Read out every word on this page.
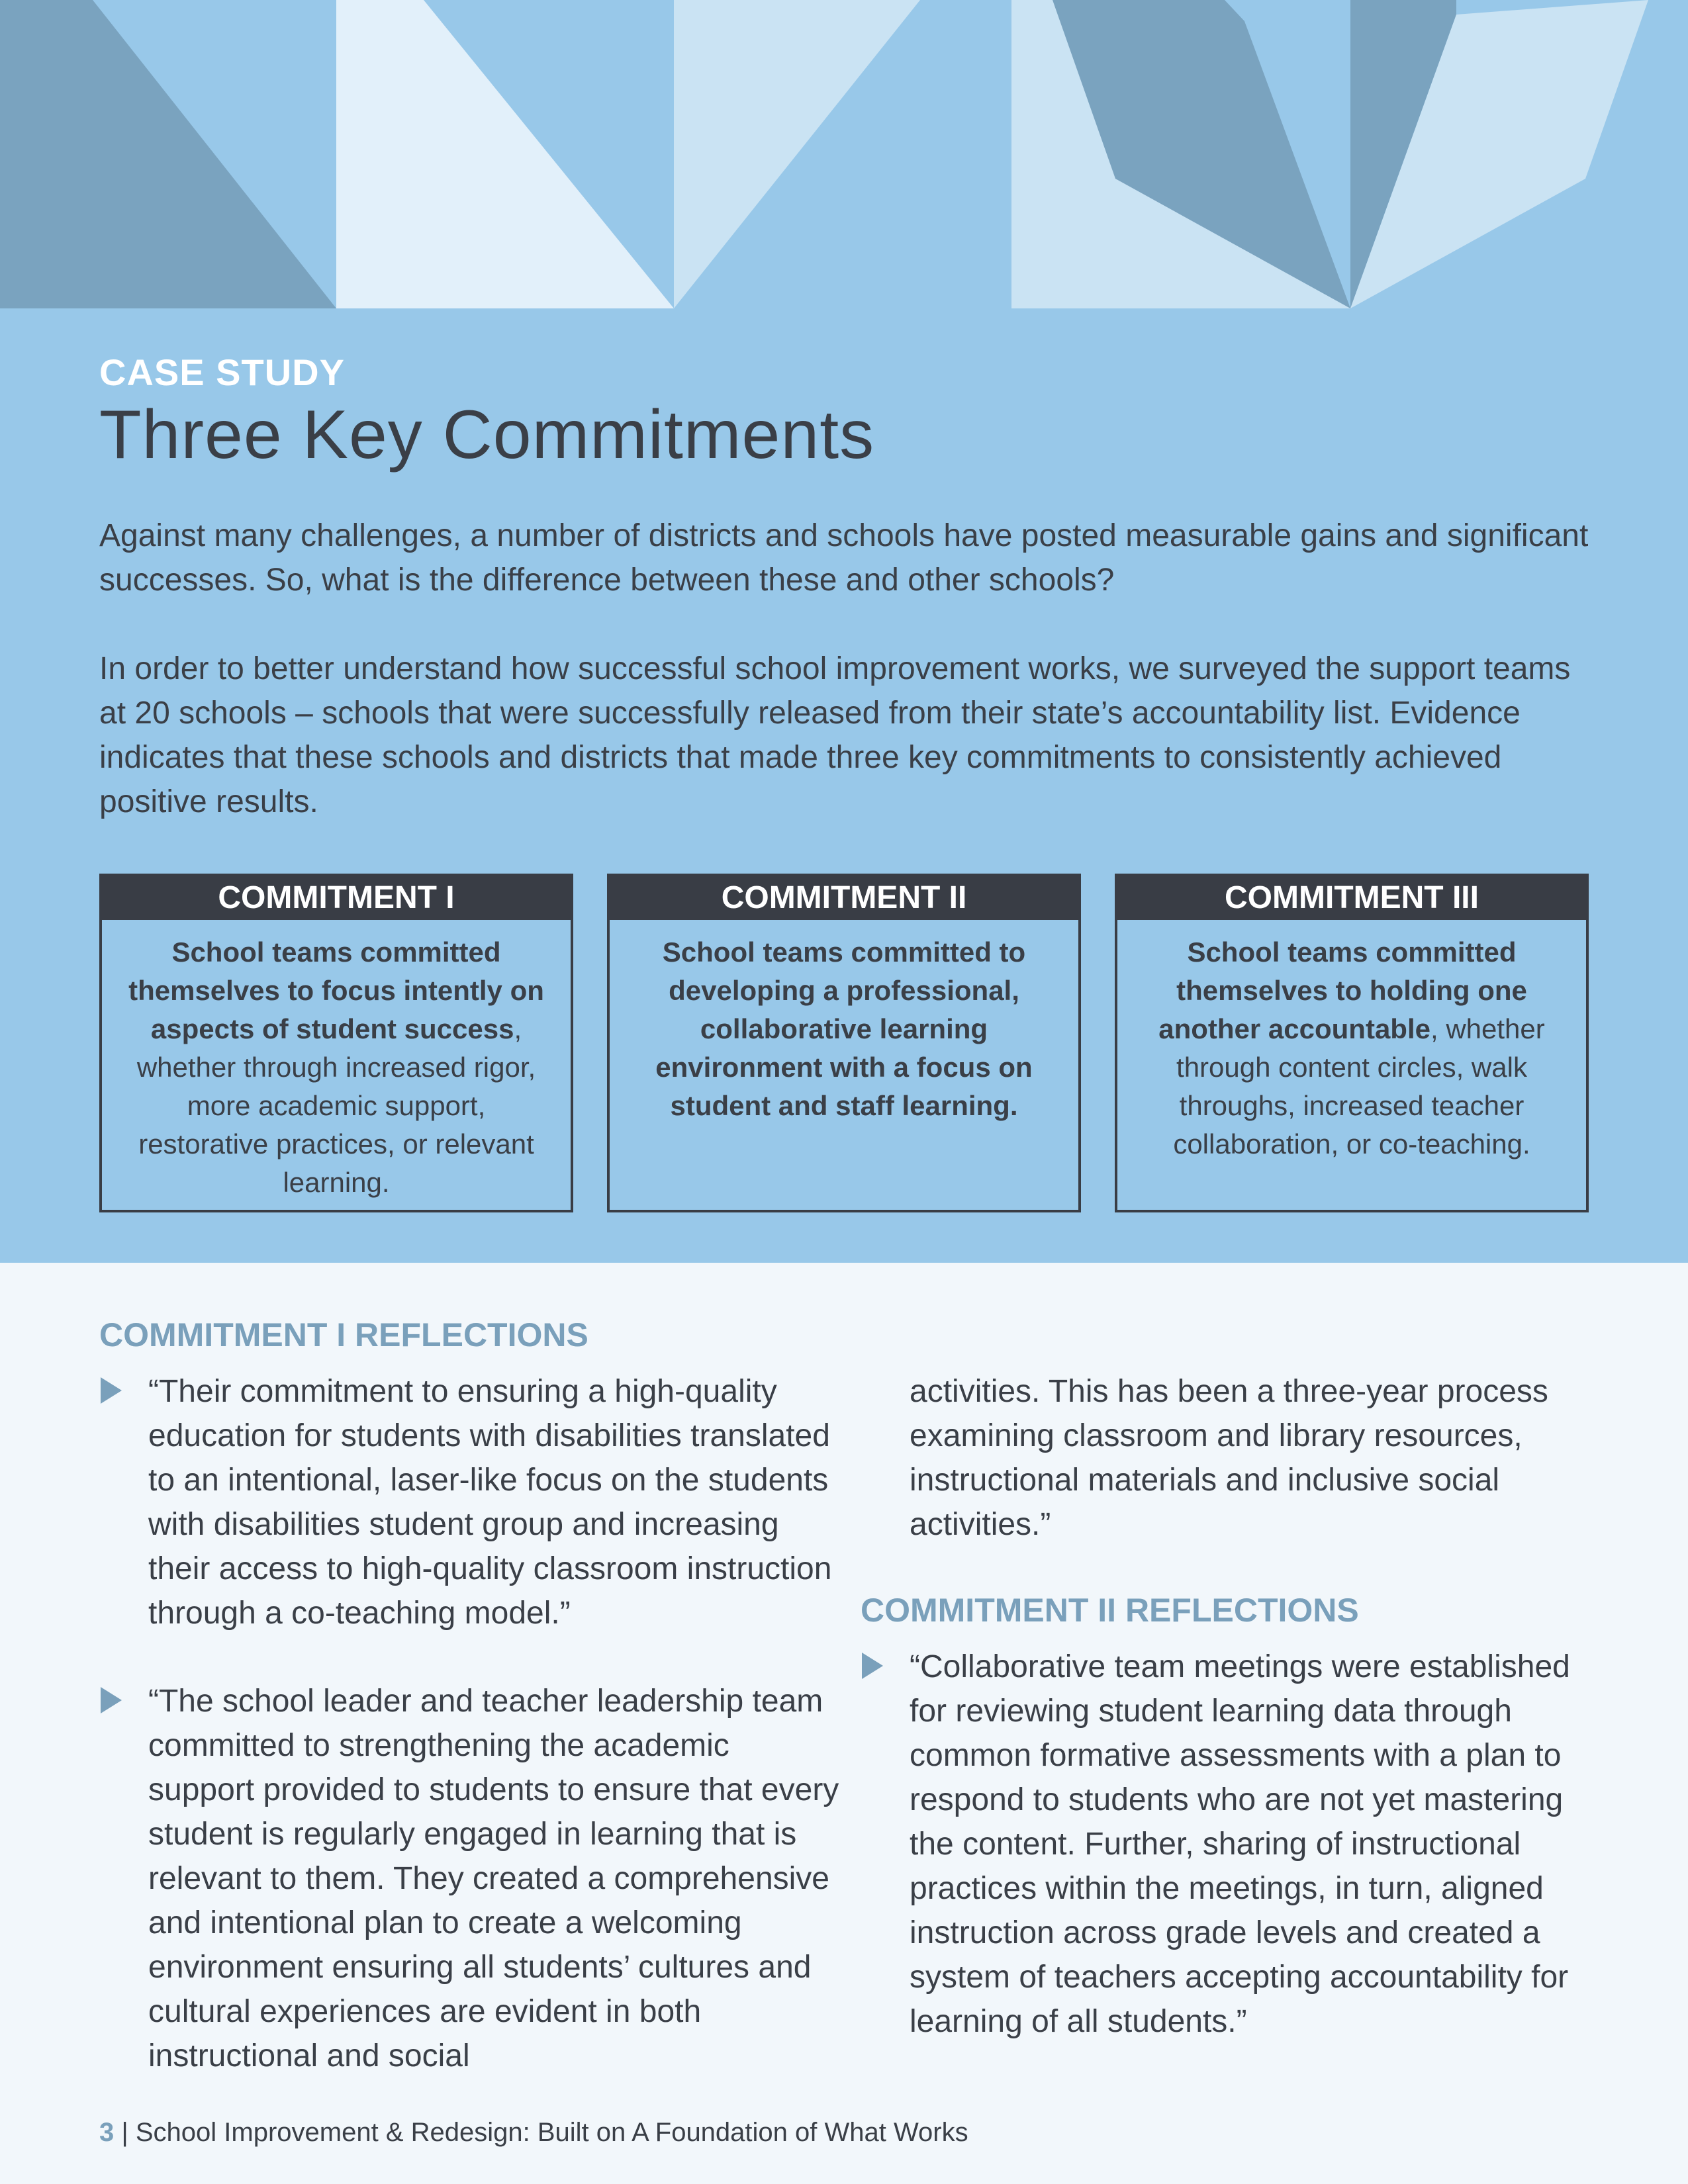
CASE STUDY
Three Key Commitments

Against many challenges, a number of districts and schools have posted measurable gains and significant successes. So, what is the difference between these and other schools?

In order to better understand how successful school improvement works, we surveyed the support teams at 20 schools – schools that were successfully released from their state’s accountability list. Evidence indicates that these schools and districts that made three key commitments to consistently achieved positive results.

COMMITMENT I
School teams committed themselves to focus intently on aspects of student success, whether through increased rigor, more academic support, restorative practices, or relevant learning.
COMMITMENT II
School teams committed to developing a professional, collaborative learning environment with a focus on student and staff learning.
COMMITMENT III
School teams committed themselves to holding one another accountable, whether through content circles, walk throughs, increased teacher collaboration, or co-teaching.
COMMITMENT I REFLECTIONS

“Their commitment to ensuring a high-quality education for students with disabilities translated to an intentional, laser-like focus on the students with disabilities student group and increasing their access to high-quality classroom instruction through a co-teaching model.”

“The school leader and teacher leadership team committed to strengthening the academic support provided to students to ensure that every student is regularly engaged in learning that is relevant to them. They created a comprehensive and intentional plan to create a welcoming environment ensuring all students’ cultures and cultural experiences are evident in both instructional and social

activities. This has been a three-year process examining classroom and library resources, instructional materials and inclusive social activities.”

COMMITMENT II REFLECTIONS

“Collaborative team meetings were established for reviewing student learning data through common formative assessments with a plan to respond to students who are not yet mastering the content. Further, sharing of instructional practices within the meetings, in turn, aligned instruction across grade levels and created a system of teachers accepting accountability for learning of all students.”

3 | School Improvement & Redesign: Built on A Foundation of What Works
